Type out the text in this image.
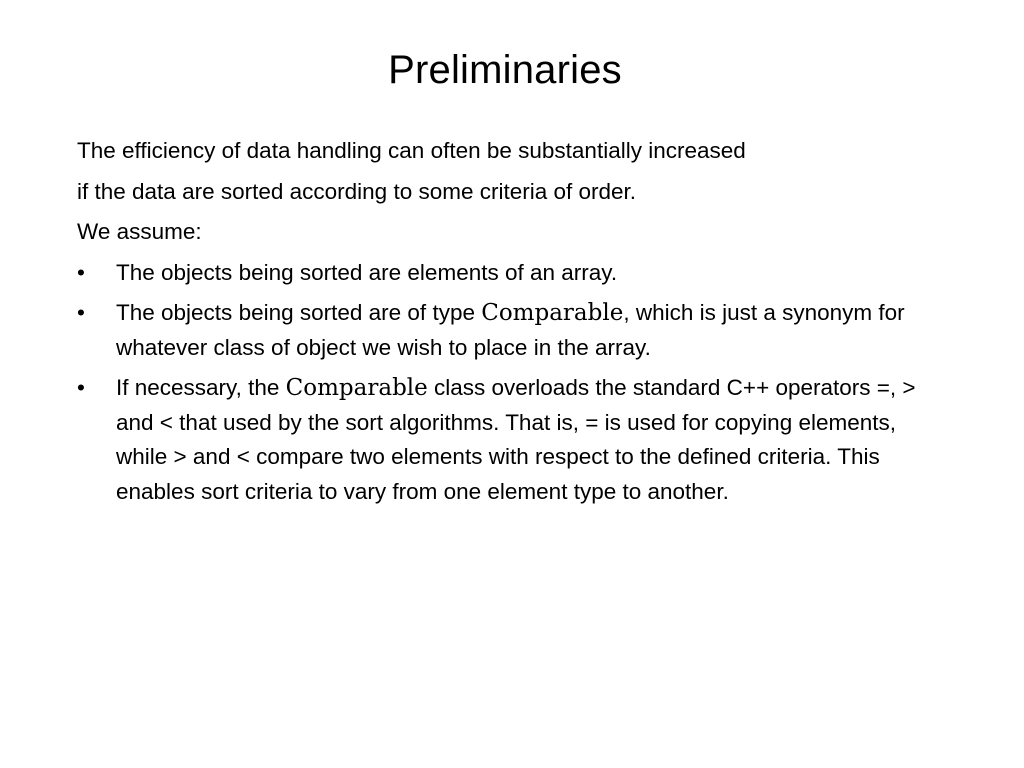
Preliminaries

The efficiency of data handling can often be substantially increased

if the data are sorted according to some criteria of order.

We assume:

• The objects being sorted are elements of an array.
• The objects being sorted are of type Comparable, which is just a synonym for whatever class of object we wish to place in the array.
• If necessary, the Comparable class overloads the standard C++ operators =, > and < that used by the sort algorithms. That is, = is used for copying elements, while > and < compare two elements with respect to the defined criteria. This enables sort criteria to vary from one element type to another.
